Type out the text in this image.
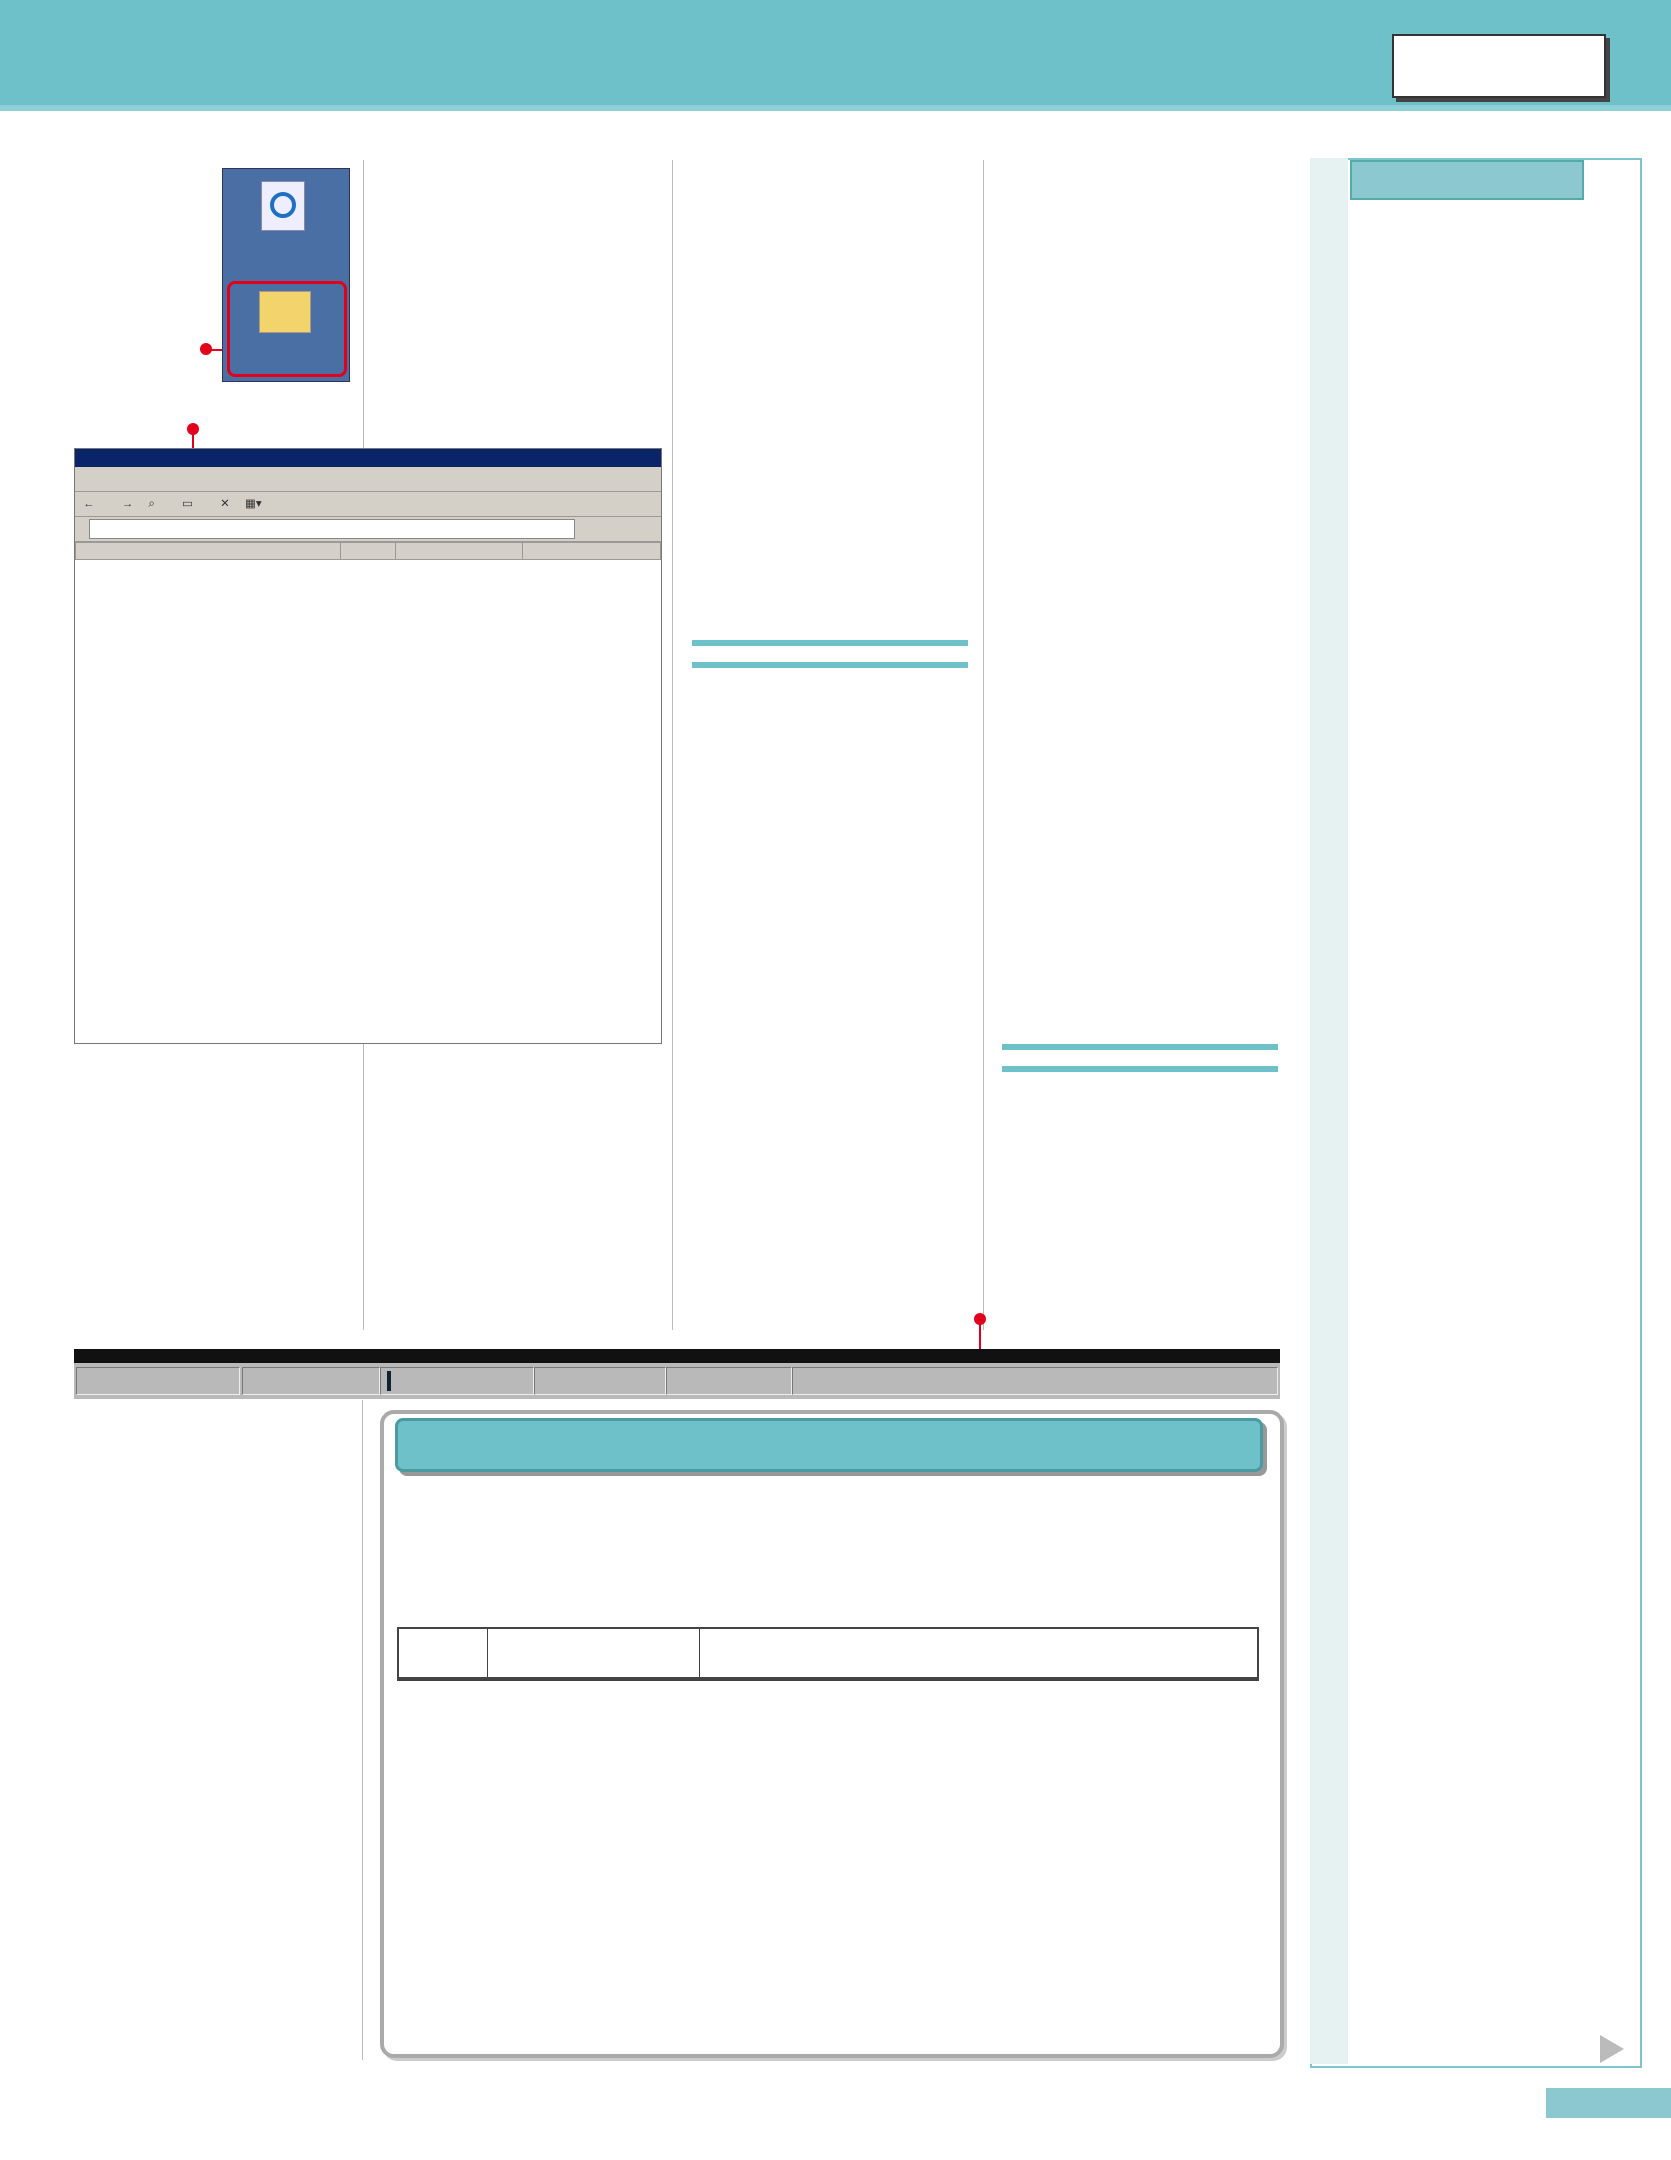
← → ⌕ ▭ ✕ ▦▾
